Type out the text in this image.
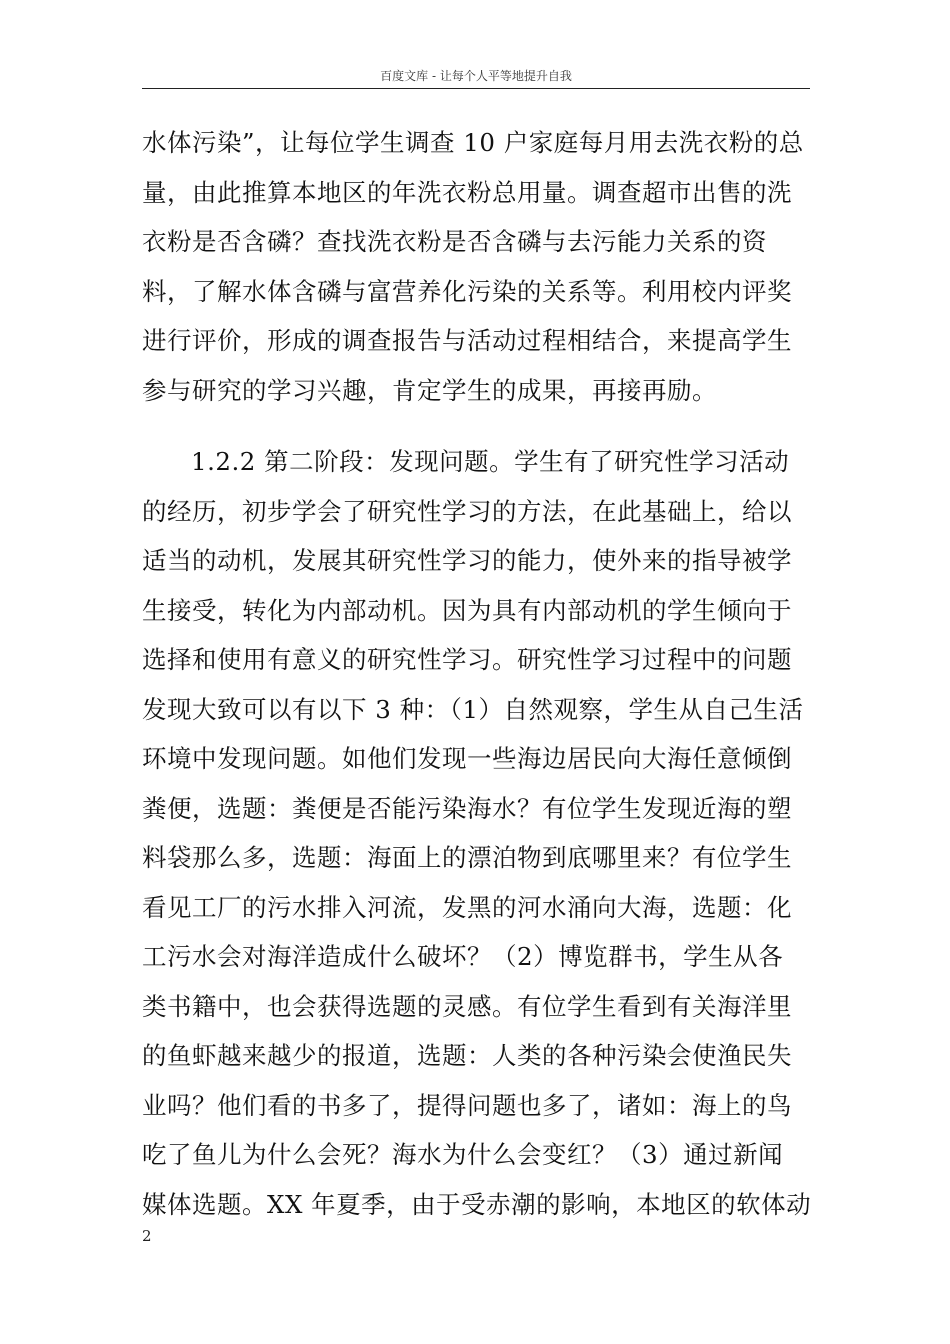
百度文库 - 让每个人平等地提升自我
水体污染”，让每位学生调查 10 户家庭每月用去洗衣粉的总
量，由此推算本地区的年洗衣粉总用量。调查超市出售的洗
衣粉是否含磷？查找洗衣粉是否含磷与去污能力关系的资
料，了解水体含磷与富营养化污染的关系等。利用校内评奖
进行评价，形成的调查报告与活动过程相结合，来提高学生
参与研究的学习兴趣，肯定学生的成果，再接再励。
1.2.2 第二阶段：发现问题。学生有了研究性学习活动
的经历，初步学会了研究性学习的方法，在此基础上，给以
适当的动机，发展其研究性学习的能力，使外来的指导被学
生接受，转化为内部动机。因为具有内部动机的学生倾向于
选择和使用有意义的研究性学习。研究性学习过程中的问题
发现大致可以有以下 3 种：（1）自然观察，学生从自己生活
环境中发现问题。如他们发现一些海边居民向大海任意倾倒
粪便，选题：粪便是否能污染海水？有位学生发现近海的塑
料袋那么多，选题：海面上的漂泊物到底哪里来？有位学生
看见工厂的污水排入河流，发黑的河水涌向大海，选题：化
工污水会对海洋造成什么破坏？（2）博览群书，学生从各
类书籍中，也会获得选题的灵感。有位学生看到有关海洋里
的鱼虾越来越少的报道，选题：人类的各种污染会使渔民失
业吗？他们看的书多了，提得问题也多了，诸如：海上的鸟
吃了鱼儿为什么会死？海水为什么会变红？（3）通过新闻
媒体选题。XX 年夏季，由于受赤潮的影响，本地区的软体动
2
